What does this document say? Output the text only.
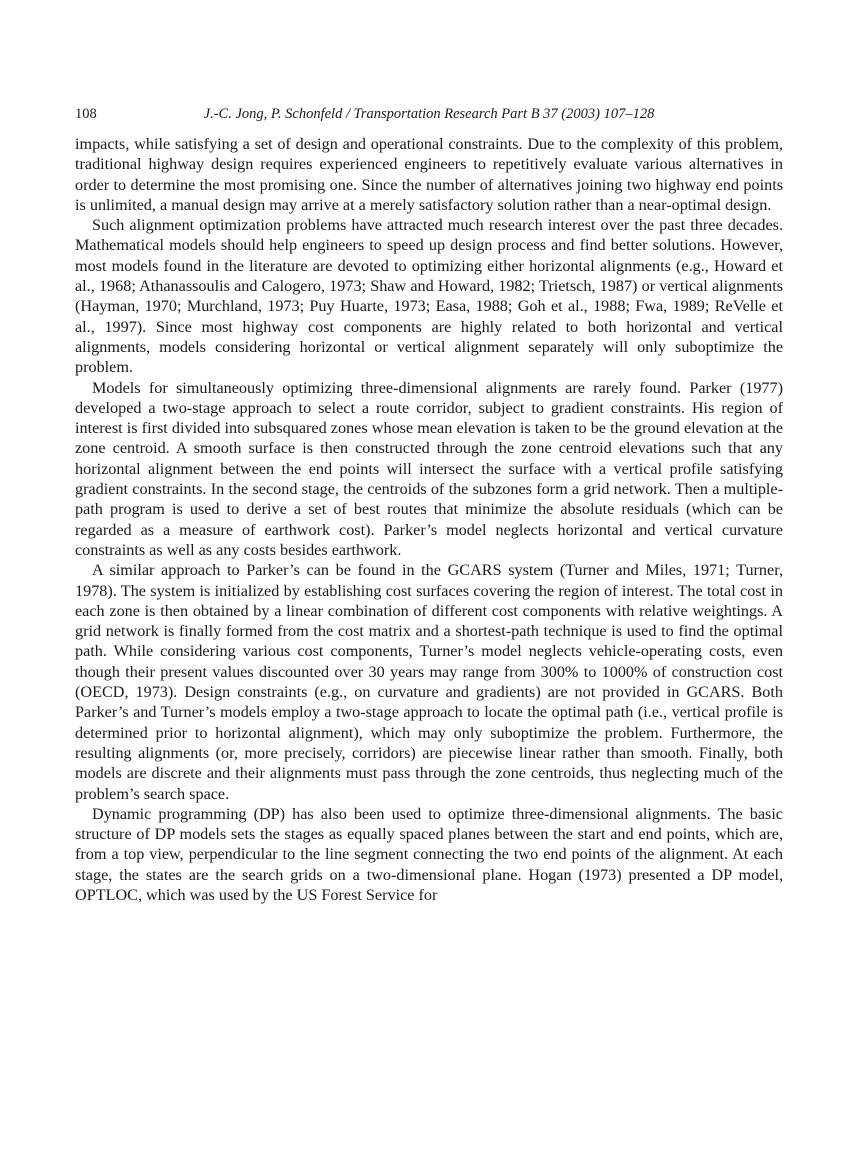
108	J.-C. Jong, P. Schonfeld / Transportation Research Part B 37 (2003) 107–128

impacts, while satisfying a set of design and operational constraints. Due to the complexity of this problem, traditional highway design requires experienced engineers to repetitively evaluate various alternatives in order to determine the most promising one. Since the number of alternatives joining two highway end points is unlimited, a manual design may arrive at a merely satisfactory solution rather than a near-optimal design.

Such alignment optimization problems have attracted much research interest over the past three decades. Mathematical models should help engineers to speed up design process and find better solutions. However, most models found in the literature are devoted to optimizing either horizontal alignments (e.g., Howard et al., 1968; Athanassoulis and Calogero, 1973; Shaw and Howard, 1982; Trietsch, 1987) or vertical alignments (Hayman, 1970; Murchland, 1973; Puy Huarte, 1973; Easa, 1988; Goh et al., 1988; Fwa, 1989; ReVelle et al., 1997). Since most highway cost components are highly related to both horizontal and vertical alignments, models considering horizontal or vertical alignment separately will only suboptimize the problem.

Models for simultaneously optimizing three-dimensional alignments are rarely found. Parker (1977) developed a two-stage approach to select a route corridor, subject to gradient constraints. His region of interest is first divided into subsquared zones whose mean elevation is taken to be the ground elevation at the zone centroid. A smooth surface is then constructed through the zone centroid elevations such that any horizontal alignment between the end points will intersect the surface with a vertical profile satisfying gradient constraints. In the second stage, the centroids of the subzones form a grid network. Then a multiple-path program is used to derive a set of best routes that minimize the absolute residuals (which can be regarded as a measure of earthwork cost). Parker’s model neglects horizontal and vertical curvature constraints as well as any costs besides earthwork.

A similar approach to Parker’s can be found in the GCARS system (Turner and Miles, 1971; Turner, 1978). The system is initialized by establishing cost surfaces covering the region of interest. The total cost in each zone is then obtained by a linear combination of different cost components with relative weightings. A grid network is finally formed from the cost matrix and a shortest-path technique is used to find the optimal path. While considering various cost components, Turner’s model neglects vehicle-operating costs, even though their present values discounted over 30 years may range from 300% to 1000% of construction cost (OECD, 1973). Design constraints (e.g., on curvature and gradients) are not provided in GCARS. Both Parker’s and Turner’s models employ a two-stage approach to locate the optimal path (i.e., vertical profile is determined prior to horizontal alignment), which may only suboptimize the problem. Furthermore, the resulting alignments (or, more precisely, corridors) are piecewise linear rather than smooth. Finally, both models are discrete and their alignments must pass through the zone centroids, thus neglecting much of the problem’s search space.

Dynamic programming (DP) has also been used to optimize three-dimensional alignments. The basic structure of DP models sets the stages as equally spaced planes between the start and end points, which are, from a top view, perpendicular to the line segment connecting the two end points of the alignment. At each stage, the states are the search grids on a two-dimensional plane. Hogan (1973) presented a DP model, OPTLOC, which was used by the US Forest Service for
